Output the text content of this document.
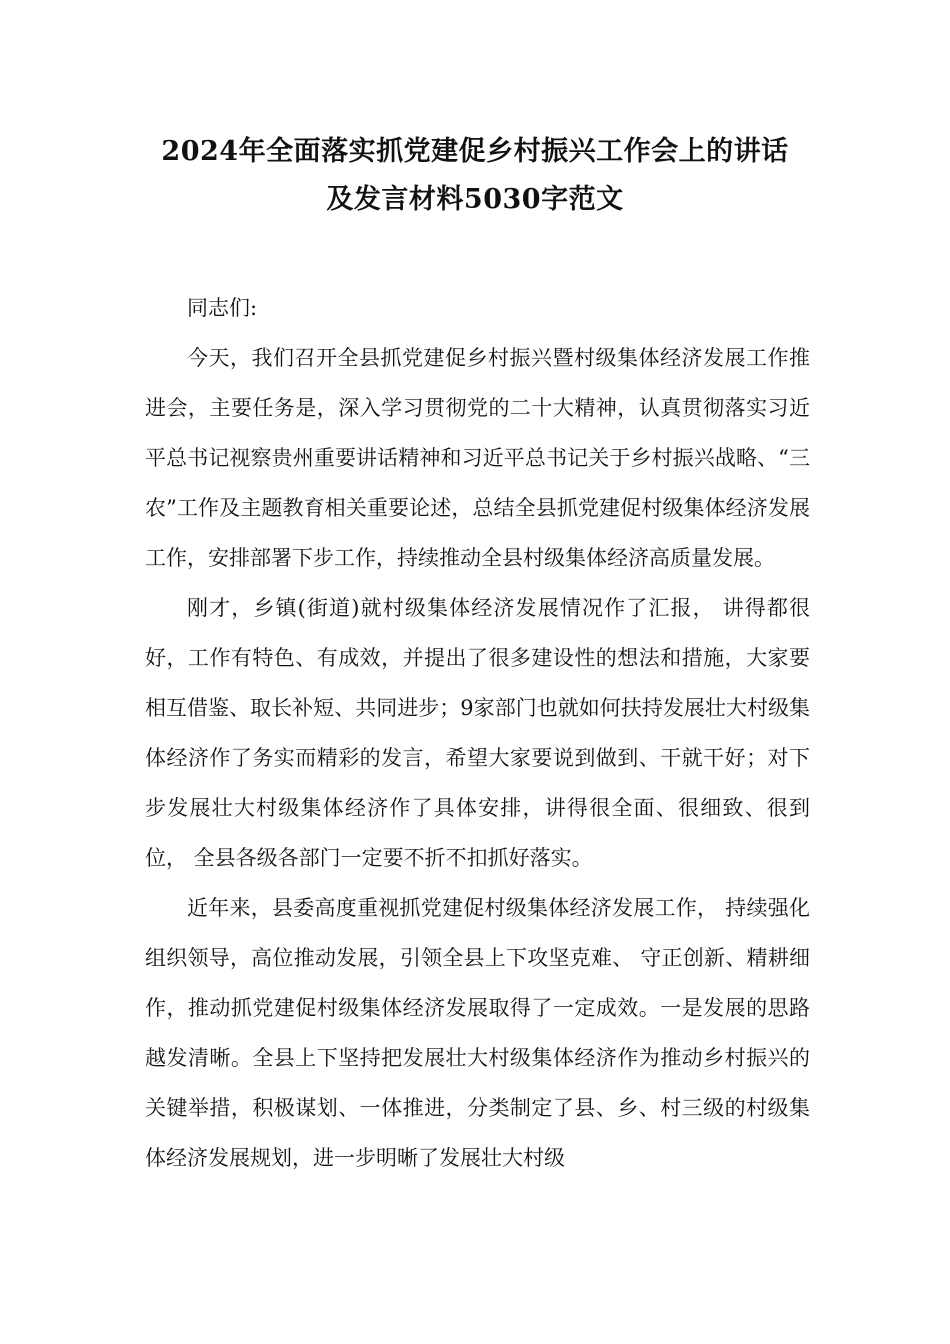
2024年全面落实抓党建促乡村振兴工作会上的讲话
及发言材料5030字范文

同志们:

今天，我们召开全县抓党建促乡村振兴暨村级集体经济发展工作推进会，主要任务是，深入学习贯彻党的二十大精神，认真贯彻落实习近平总书记视察贵州重要讲话精神和习近平总书记关于乡村振兴战略、“三农”工作及主题教育相关重要论述，总结全县抓党建促村级集体经济发展工作，安排部署下步工作，持续推动全县村级集体经济高质量发展。

刚才，乡镇(街道)就村级集体经济发展情况作了汇报， 讲得都很好，工作有特色、有成效，并提出了很多建设性的想法和措施，大家要相互借鉴、取长补短、共同进步；9家部门也就如何扶持发展壮大村级集体经济作了务实而精彩的发言，希望大家要说到做到、干就干好；对下步发展壮大村级集体经济作了具体安排，讲得很全面、很细致、很到位， 全县各级各部门一定要不折不扣抓好落实。

近年来，县委高度重视抓党建促村级集体经济发展工作， 持续强化组织领导，高位推动发展，引领全县上下攻坚克难、 守正创新、精耕细作，推动抓党建促村级集体经济发展取得了一定成效。一是发展的思路越发清晰。全县上下坚持把发展壮大村级集体经济作为推动乡村振兴的关键举措，积极谋划、一体推进，分类制定了县、乡、村三级的村级集体经济发展规划，进一步明晰了发展壮大村级
